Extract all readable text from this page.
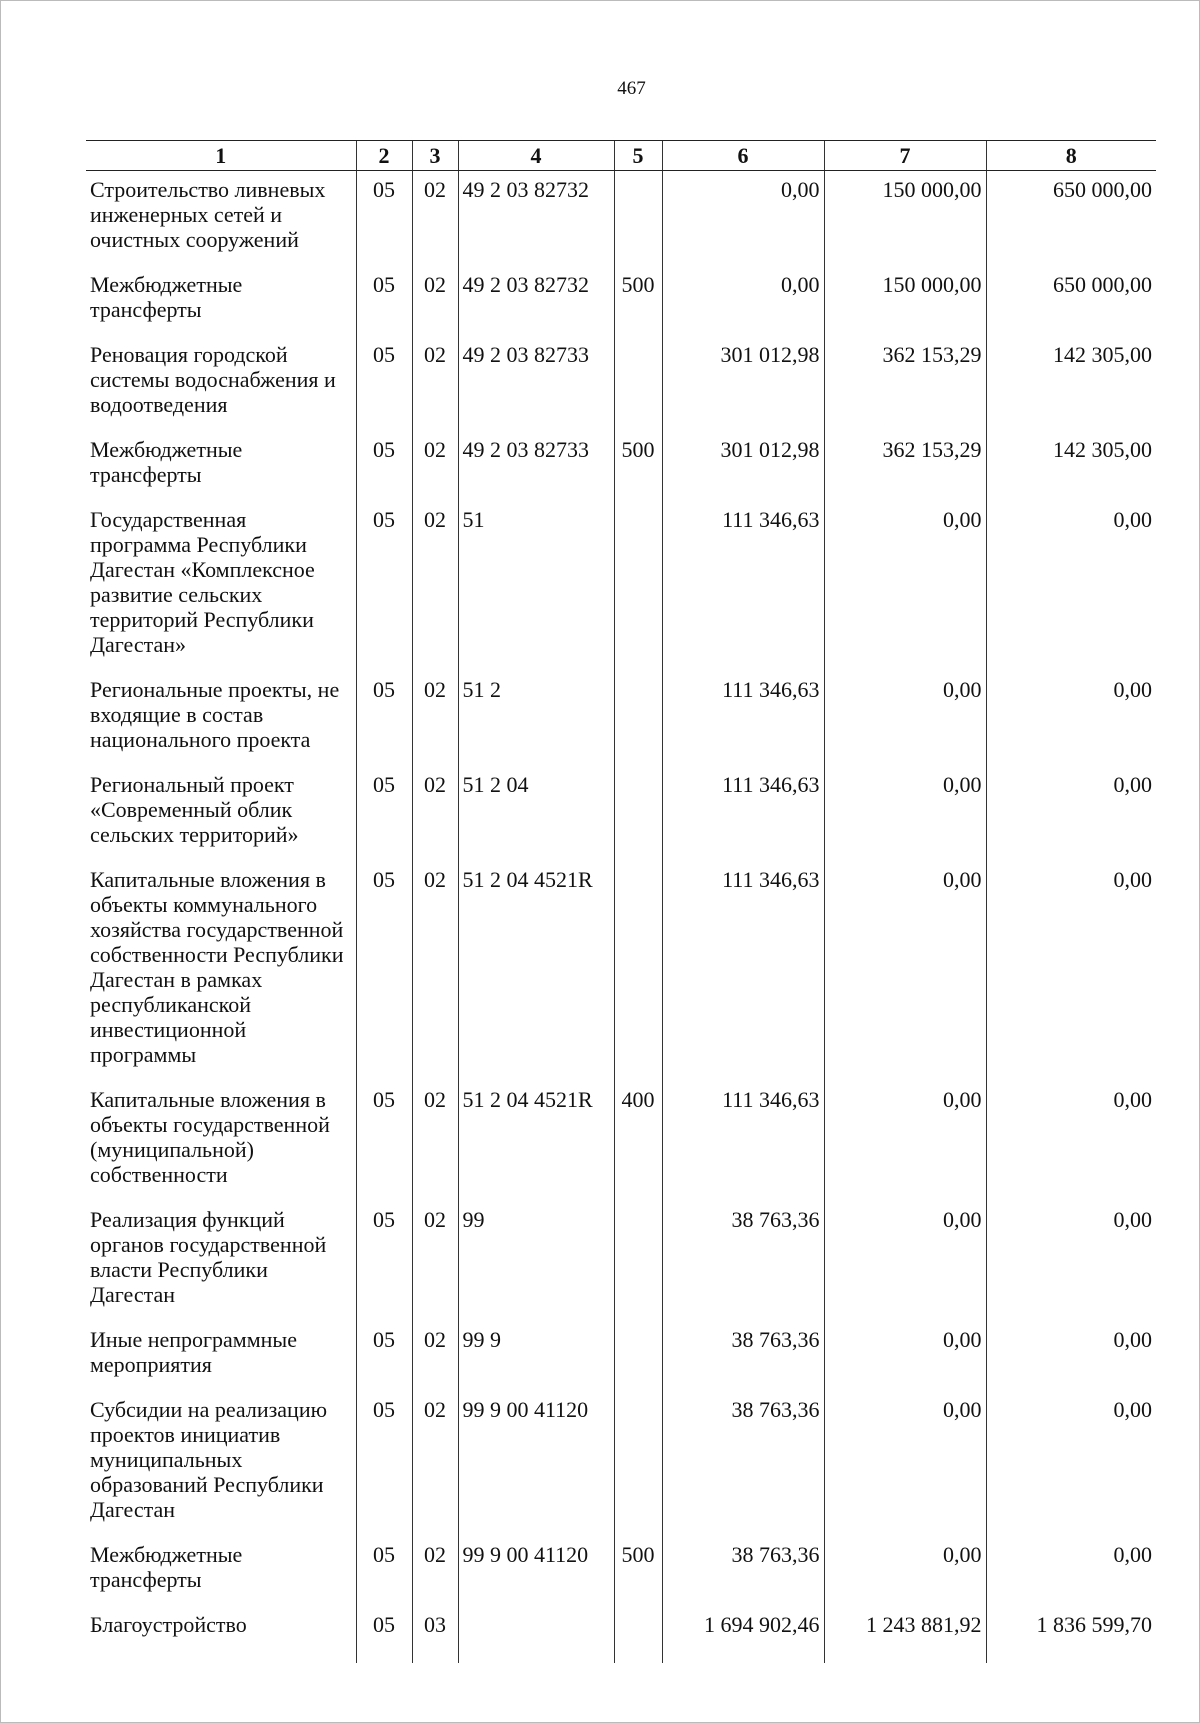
467
1	2	3	4	5	6	7	8
Строительство ливневых инженерных сетей и очистных сооружений	05	02	49 2 03 82732		0,00	150 000,00	650 000,00
Межбюджетные трансферты	05	02	49 2 03 82732	500	0,00	150 000,00	650 000,00
Реновация городской системы водоснабжения и водоотведения	05	02	49 2 03 82733		301 012,98	362 153,29	142 305,00
Межбюджетные трансферты	05	02	49 2 03 82733	500	301 012,98	362 153,29	142 305,00
Государственная программа Республики Дагестан «Комплексное развитие сельских территорий Республики Дагестан»	05	02	51		111 346,63	0,00	0,00
Региональные проекты, не входящие в состав национального проекта	05	02	51 2		111 346,63	0,00	0,00
Региональный проект «Современный облик сельских территорий»	05	02	51 2 04		111 346,63	0,00	0,00
Капитальные вложения в объекты коммунального хозяйства государственной собственности Республики Дагестан в рамках республиканской инвестиционной программы	05	02	51 2 04 4521R		111 346,63	0,00	0,00
Капитальные вложения в объекты государственной (муниципальной) собственности	05	02	51 2 04 4521R	400	111 346,63	0,00	0,00
Реализация функций органов государственной власти Республики Дагестан	05	02	99		38 763,36	0,00	0,00
Иные непрограммные мероприятия	05	02	99 9		38 763,36	0,00	0,00
Субсидии на реализацию проектов инициатив муниципальных образований Республики Дагестан	05	02	99 9 00 41120		38 763,36	0,00	0,00
Межбюджетные трансферты	05	02	99 9 00 41120	500	38 763,36	0,00	0,00
Благоустройство	05	03			1 694 902,46	1 243 881,92	1 836 599,70
